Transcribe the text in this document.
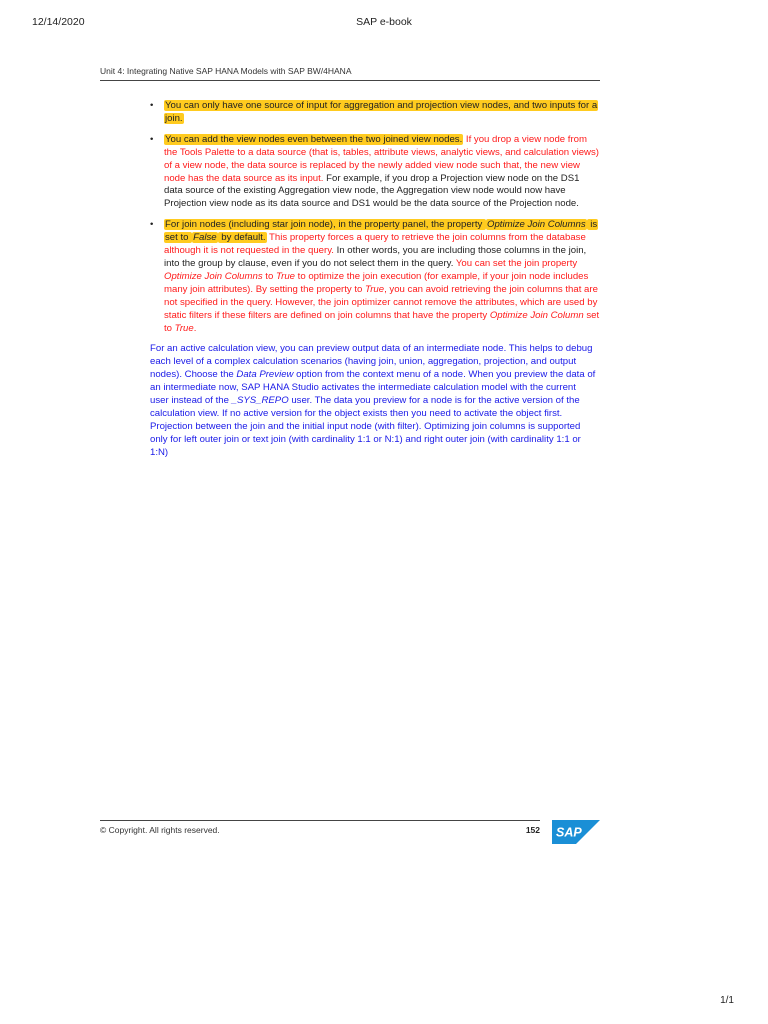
12/14/2020	SAP e-book
Unit 4: Integrating Native SAP HANA Models with SAP BW/4HANA
• You can only have one source of input for aggregation and projection view nodes, and two inputs for a join.
• You can add the view nodes even between the two joined view nodes. If you drop a view node from the Tools Palette to a data source (that is, tables, attribute views, analytic views, and calculation views) of a view node, the data source is replaced by the newly added view node such that, the new view node has the data source as its input. For example, if you drop a Projection view node on the DS1 data source of the existing Aggregation view node, the Aggregation view node would now have Projection view node as its data source and DS1 would be the data source of the Projection node.
• For join nodes (including star join node), in the property panel, the property Optimize Join Columns is set to False by default. This property forces a query to retrieve the join columns from the database although it is not requested in the query. In other words, you are including those columns in the join, into the group by clause, even if you do not select them in the query. You can set the join property Optimize Join Columns to True to optimize the join execution (for example, if your join node includes many join attributes). By setting the property to True, you can avoid retrieving the join columns that are not specified in the query. However, the join optimizer cannot remove the attributes, which are used by static filters if these filters are defined on join columns that have the property Optimize Join Column set to True.

For an active calculation view, you can preview output data of an intermediate node. This helps to debug each level of a complex calculation scenarios (having join, union, aggregation, projection, and output nodes). Choose the Data Preview option from the context menu of a node. When you preview the data of an intermediate now, SAP HANA Studio activates the intermediate calculation model with the current user instead of the _SYS_REPO user. The data you preview for a node is for the active version of the calculation view. If no active version for the object exists then you need to activate the object first. Projection between the join and the initial input node (with filter). Optimizing join columns is supported only for left outer join or text join (with cardinality 1:1 or N:1) and right outer join (with cardinality 1:1 or 1:N)

© Copyright. All rights reserved.	152 SAP
1/1
